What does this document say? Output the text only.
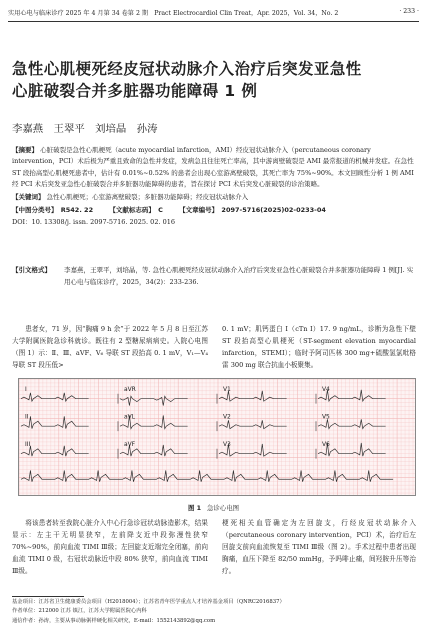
实用心电与临床诊疗 2025 年 4 月第 34 卷第 2 期　Pract Electrocardiol Clin Treat，Apr. 2025，Vol. 34，No. 2	· 233 ·
急性心肌梗死经皮冠状动脉介入治疗后突发亚急性
心脏破裂合并多脏器功能障碍 1 例
李嘉燕　王翠平　刘培晶　孙涛
【摘要】 心脏破裂是急性心肌梗死（acute myocardial infarction，AMI）经皮冠状动脉介入（percutaneous coronary intervention，PCI）术后极为严重且致命的急性并发症，发病急且往往死亡率高，其中游离壁破裂是 AMI 最常报道的机械并发症。在急性 ST 段抬高型心肌梗死患者中，估计有 0.01%~0.52% 的患者会出现心室游离壁破裂，其死亡率为 75%~90%。本文回顾性分析 1 例 AMI 经 PCI 术后突发亚急性心脏破裂合并多脏器功能障碍的患者，旨在探讨 PCI 术后突发心脏破裂的诊治策略。
【关键词】 急性心肌梗死；心室游离壁破裂；多脏器功能障碍；经皮冠状动脉介入
【中图分类号】　R542. 22	【文献标志码】　C	【文章编号】　2097-5716(2025)02-0233-04
DOI：10. 13308/j. issn. 2097-5716. 2025. 02. 016
【引文格式】 李嘉燕，王翠平，刘培晶，等. 急性心肌梗死经皮冠状动脉介入治疗后突发亚急性心脏破裂合并多脏器功能障碍 1 例[J]. 实用心电与临床诊疗，2025，34(2)：233-236.
患者女，71 岁，因“胸痛 9 h 余”于 2022 年 5 月 8 日至江苏大学附属医院急诊科就诊。既往有 2 型糖尿病病史。入院心电图（图 1）示：Ⅱ、Ⅲ、aVF、V₆ 导联 ST 段抬高 0. 1 mV，V₁—V₄ 导联 ST 段压低>
0. 1 mV；肌钙蛋白 I（cTn I）17. 9 ng/mL，诊断为急性下壁 ST 段抬高型心肌梗死（ST-segment elevation myocardial infarction，STEMI）；临时予阿司匹林 300 mg+硫酸氢氯吡格雷 300 mg 联合抗血小板聚集。
I	aVR	V1	V4
II	aVL	V2	V5
III	aVF	V3	V6
图 1 急诊心电图
将该患者转至我院心脏介入中心行急诊冠状动脉造影术，结果显示：左主干无明显狭窄，左前降支近中段弥漫性狭窄 70%~90%，前向血流 TIMI Ⅲ级；左回旋支近端完全闭塞，前向血流 TIMI 0 级，右冠状动脉近中段 80% 狭窄，前向血流 TIMI Ⅲ级。
梗死相关血管确定为左回旋支，行经皮冠状动脉介入（percutaneous coronary intervention，PCI）术，治疗后左回旋支前向血流恢复至 TIMI Ⅲ级（图 2）。手术过程中患者出现胸痛，血压下降至 82/50 mmHg，予吗啡止痛，间羟胺升压等治疗。
基金项目：江苏省卫生健康委员会项目（H2018004）；江苏省青年医学重点人才培养基金项目（QNRC2016837）
作者单位：212000 江苏 镇江，江苏大学附属医院心内科
通信作者：孙涛，主要从事动脉粥样硬化相关研究，E-mail：1552143892@qq.com
